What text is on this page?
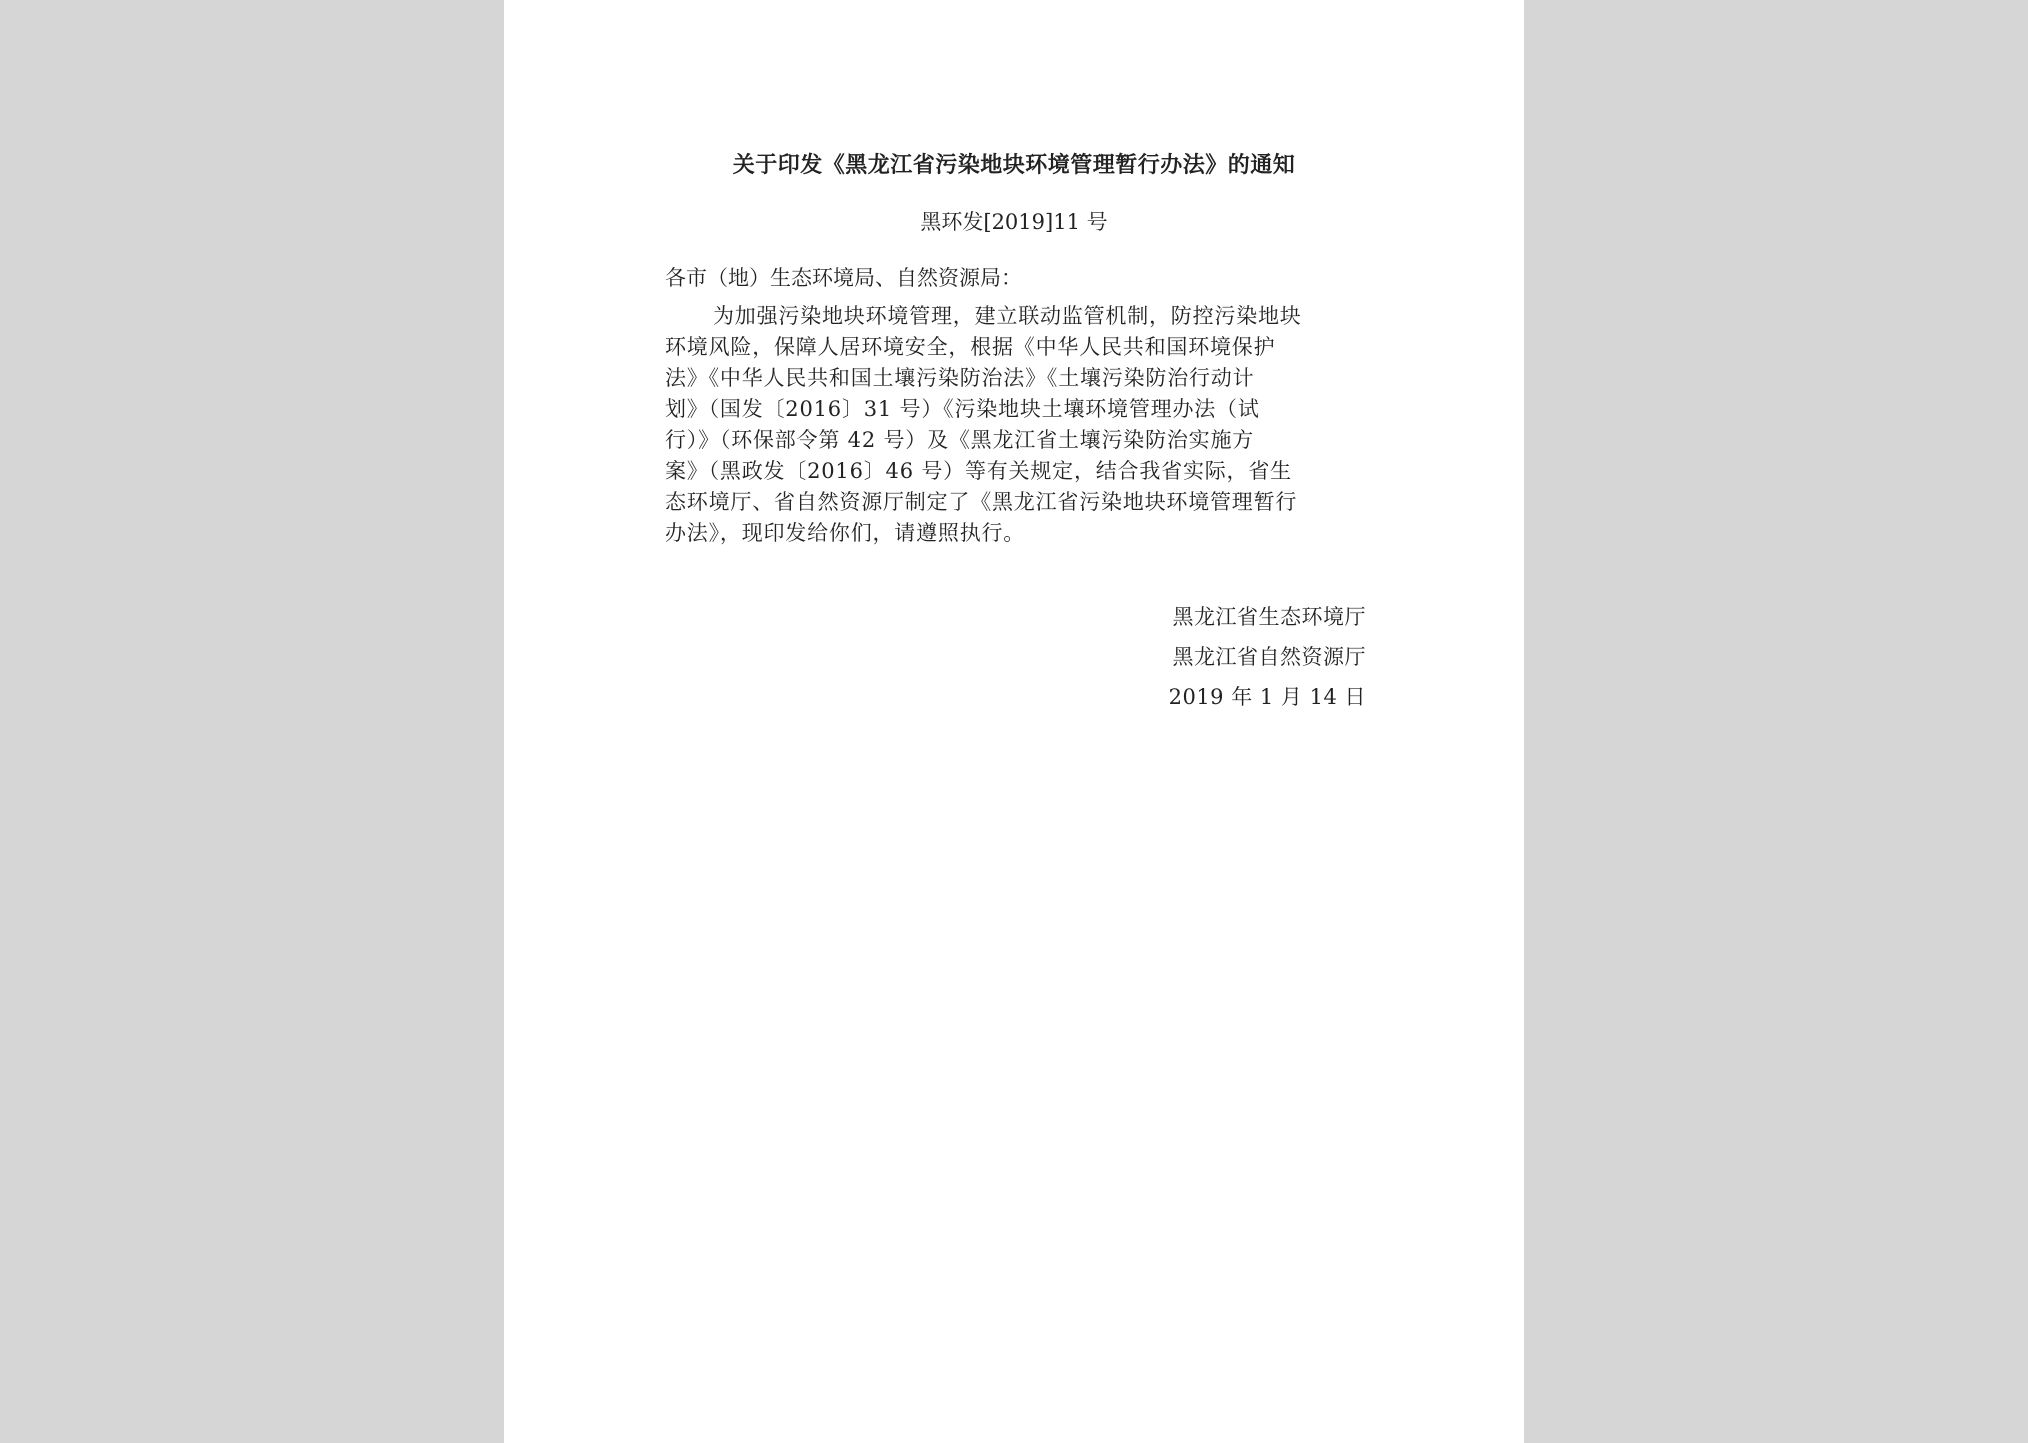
关于印发《黑龙江省污染地块环境管理暂行办法》的通知
黑环发[2019]11 号
各市（地）生态环境局、自然资源局：
为加强污染地块环境管理，建立联动监管机制，防控污染地块
环境风险，保障人居环境安全，根据《中华人民共和国环境保护
法》《中华人民共和国土壤污染防治法》《土壤污染防治行动计
划》（国发〔2016〕31 号）《污染地块土壤环境管理办法（试
行）》（环保部令第 42 号）及《黑龙江省土壤污染防治实施方
案》（黑政发〔2016〕46 号）等有关规定，结合我省实际，省生
态环境厅、省自然资源厅制定了《黑龙江省污染地块环境管理暂行
办法》，现印发给你们，请遵照执行。
黑龙江省生态环境厅
黑龙江省自然资源厅
2019 年 1 月 14 日
